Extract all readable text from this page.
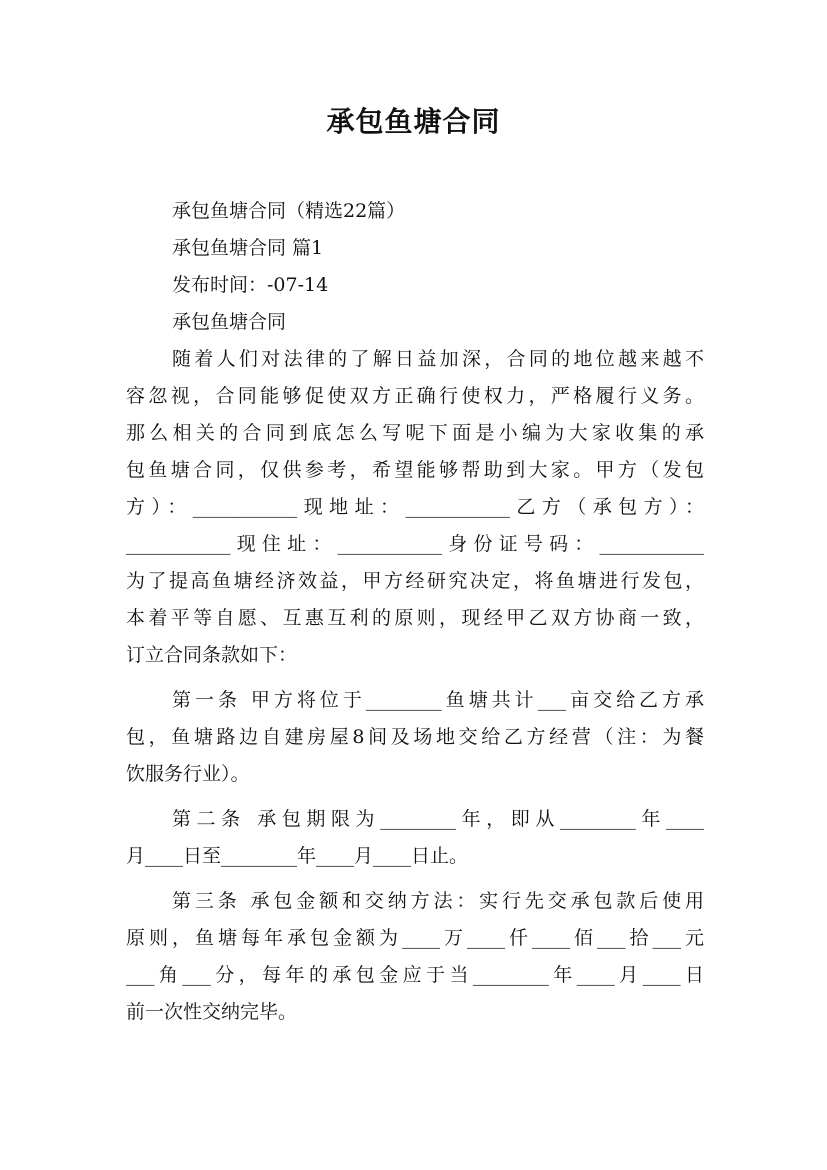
承包鱼塘合同
承包鱼塘合同（精选22篇）
承包鱼塘合同 篇1
发布时间：-07-14
承包鱼塘合同
随着人们对法律的了解日益加深，合同的地位越来越不
容忽视，合同能够促使双方正确行使权力，严格履行义务。
那么相关的合同到底怎么写呢下面是小编为大家收集的承
包鱼塘合同，仅供参考，希望能够帮助到大家。甲方（发包
方）：___________现地址：___________乙方（承包方）：
___________现住址：___________身份证号码：___________
为了提高鱼塘经济效益，甲方经研究决定，将鱼塘进行发包，
本着平等自愿、互惠互利的原则，现经甲乙双方协商一致，
订立合同条款如下：
第一条 甲方将位于________鱼塘共计___亩交给乙方承
包，鱼塘路边自建房屋8间及场地交给乙方经营（注：为餐
饮服务行业）。
第二条 承包期限为________年，即从________年____
月____日至________年____月____日止。
第三条 承包金额和交纳方法：实行先交承包款后使用
原则，鱼塘每年承包金额为____万____仟____佰___拾___元
___角___分，每年的承包金应于当________年____月____日
前一次性交纳完毕。
